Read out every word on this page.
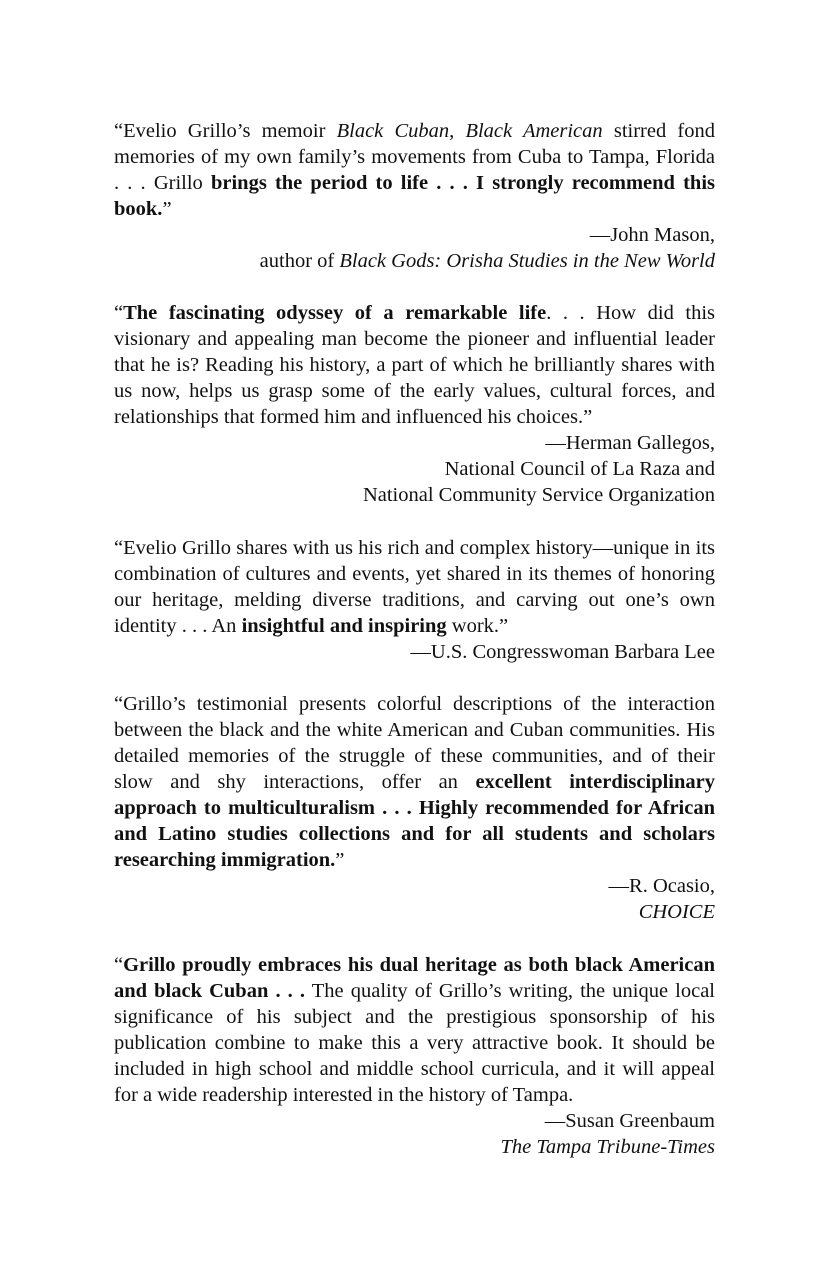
“Evelio Grillo’s memoir Black Cuban, Black American stirred fond memories of my own family’s movements from Cuba to Tampa, Florida . . . Grillo brings the period to life . . . I strongly recommend this book.”

—John Mason,

author of Black Gods: Orisha Studies in the New World

“The fascinating odyssey of a remarkable life. . . How did this visionary and appealing man become the pioneer and influential leader that he is? Reading his history, a part of which he brilliantly shares with us now, helps us grasp some of the early values, cultural forces, and relationships that formed him and influenced his choices.”

—Herman Gallegos,

National Council of La Raza and

National Community Service Organization

“Evelio Grillo shares with us his rich and complex history—unique in its combination of cultures and events, yet shared in its themes of honoring our heritage, melding diverse traditions, and carving out one’s own identity . . . An insightful and inspiring work.”

—U.S. Congresswoman Barbara Lee

“Grillo’s testimonial presents colorful descriptions of the interaction between the black and the white American and Cuban communities. His detailed memories of the struggle of these communities, and of their slow and shy interactions, offer an excellent interdisciplinary approach to multiculturalism . . . Highly recommended for African and Latino studies collections and for all students and scholars researching immigration.”

—R. Ocasio,

CHOICE

“Grillo proudly embraces his dual heritage as both black American and black Cuban . . . The quality of Grillo’s writing, the unique local significance of his subject and the prestigious sponsorship of his publication combine to make this a very attractive book. It should be included in high school and middle school curricula, and it will appeal for a wide readership interested in the history of Tampa.

—Susan Greenbaum

The Tampa Tribune-Times
